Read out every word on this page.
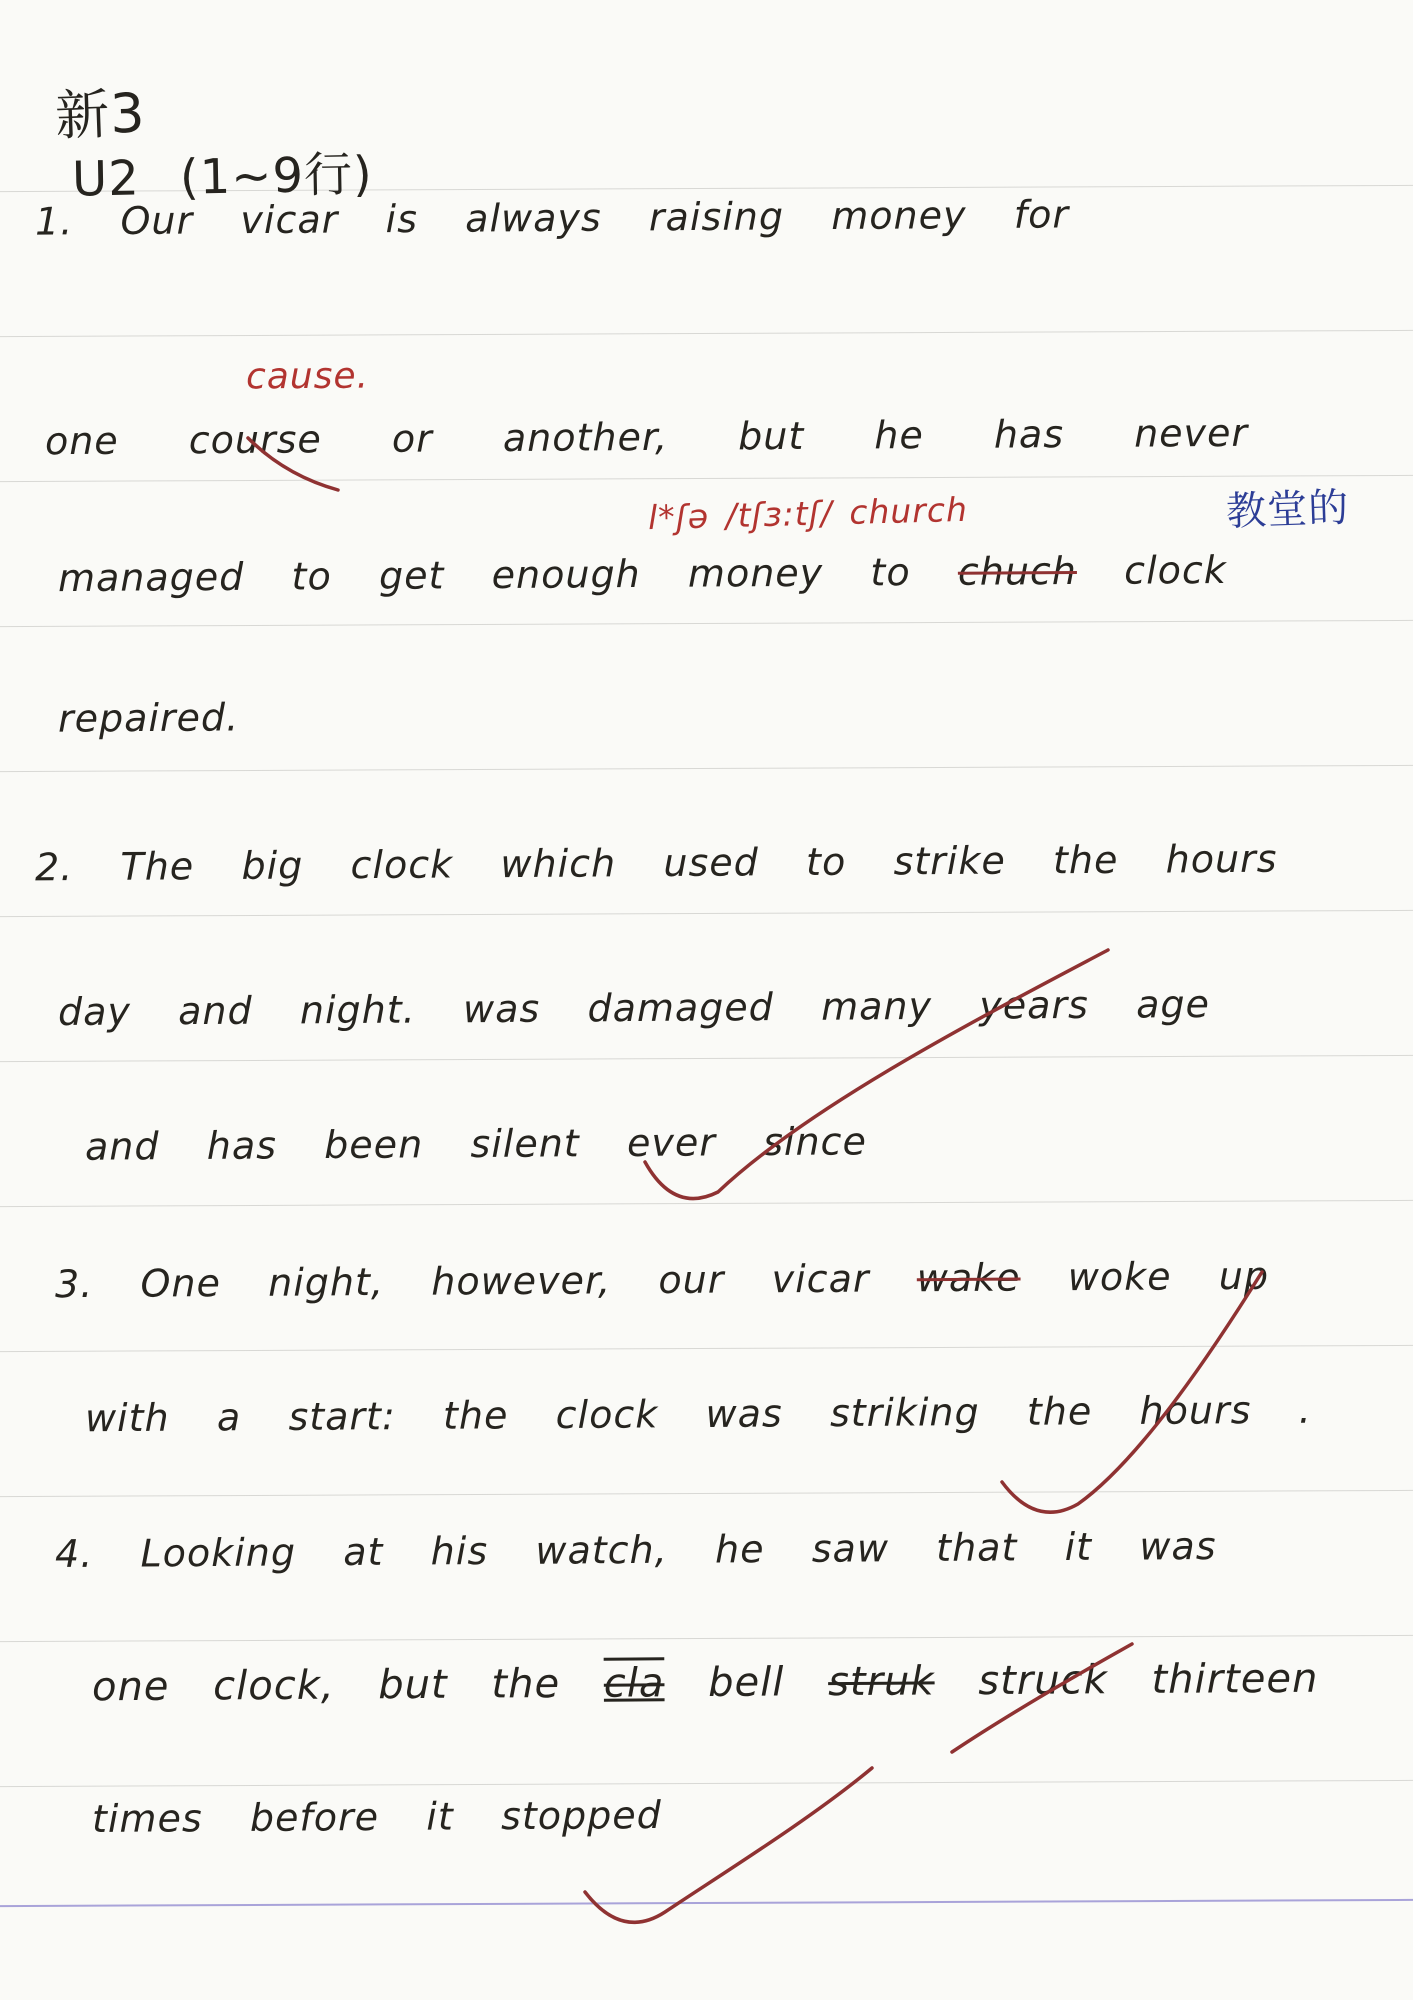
新3
U2 (1~9行)
1. Our vicar is always raising money for
cause.
one course or another, but he has never
l*ʃə /tʃɜ:tʃ/ church	教堂的
managed to get enough money to chuch clock
repaired.
2. The big clock which used to strike the hours
day and night. was damaged many years age
and has been silent ever since
3. One night, however, our vicar wake woke up
with a start: the clock was striking the hours .
4. Looking at his watch, he saw that it was
one clock, but the cla bell struk struck thirteen
times before it stopped
